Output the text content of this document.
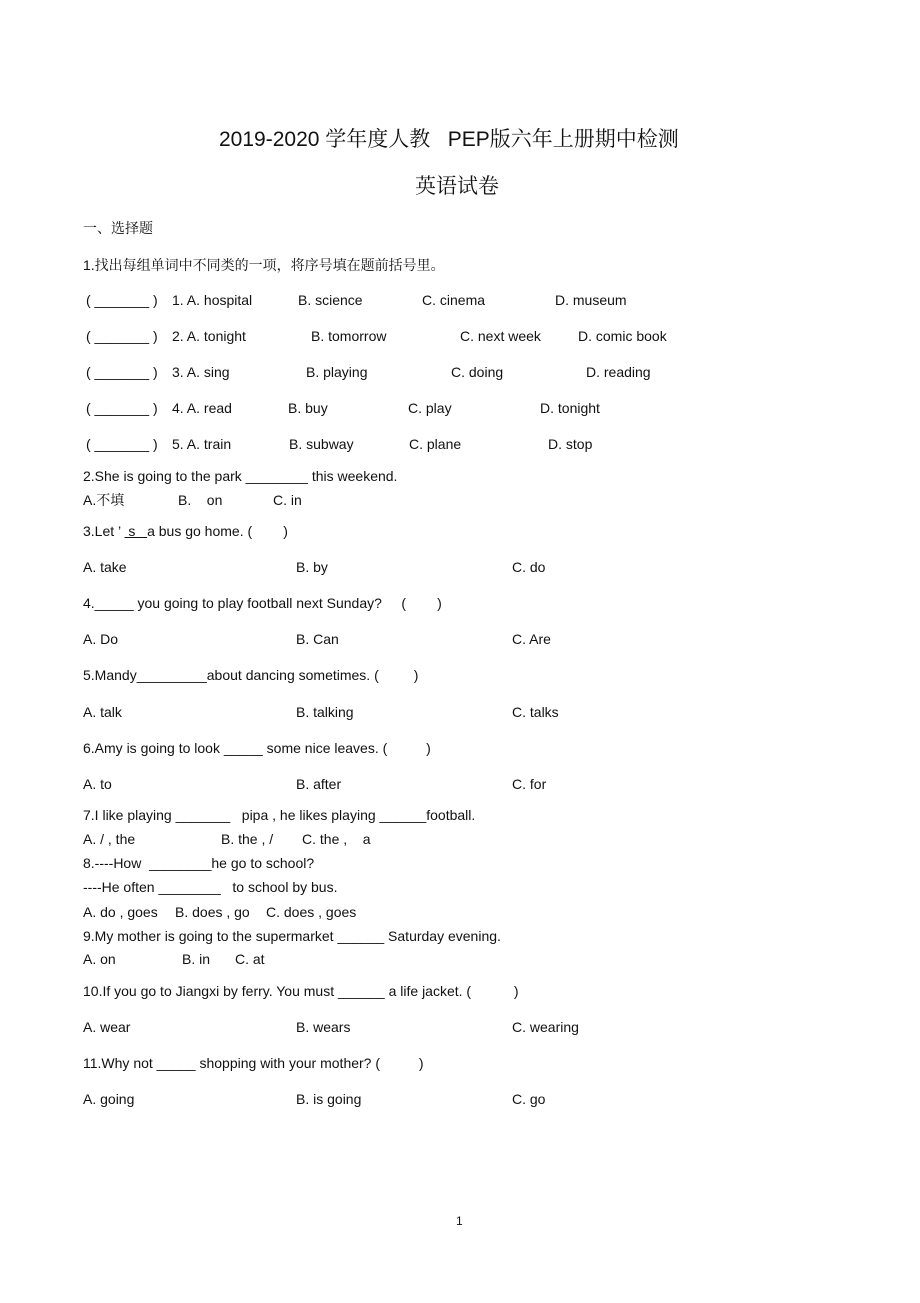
2019-2020 学年度人教   PEP版六年上册期中检测
英语试卷
一、选择题
1.找出每组单词中不同类的一项，将序号填在题前括号里。
( _______ ) 1. A. hospital	B. science	C. cinema	D. museum
( _______ ) 2. A. tonight	B. tomorrow	C. next week	D. comic book
( _______ ) 3. A. sing	B. playing	C. doing	D. reading
( _______ ) 4. A. read	B. buy	C. play	D. tonight
( _______ ) 5. A. train	B. subway	C. plane	D. stop
2.She is going to the park ________ this weekend.
A.不填	B.    on	C. in
3.Let ’  s   a bus go home. (        )
A. take	B. by	C. do
4._____ you going to play football next Sunday?     (        )
A. Do	B. Can	C. Are
5.Mandy_________about dancing sometimes. (         )
A. talk	B. talking	C. talks
6.Amy is going to look _____ some nice leaves. (          )
A. to	B. after	C. for
7.I like playing _______   pipa , he likes playing ______football.
A. / , the	B. the , / C. the ,    a
8.----How  ________he go to school?
----He often ________   to school by bus.
A. do , goes B. does , go C. does , goes
9.My mother is going to the supermarket ______ Saturday evening.
A. on	B. in C. at
10.If you go to Jiangxi by ferry. You must ______ a life jacket. (           )
A. wear	B. wears	C. wearing
11.Why not _____ shopping with your mother? (          )
A. going	B. is going	C. go
1
